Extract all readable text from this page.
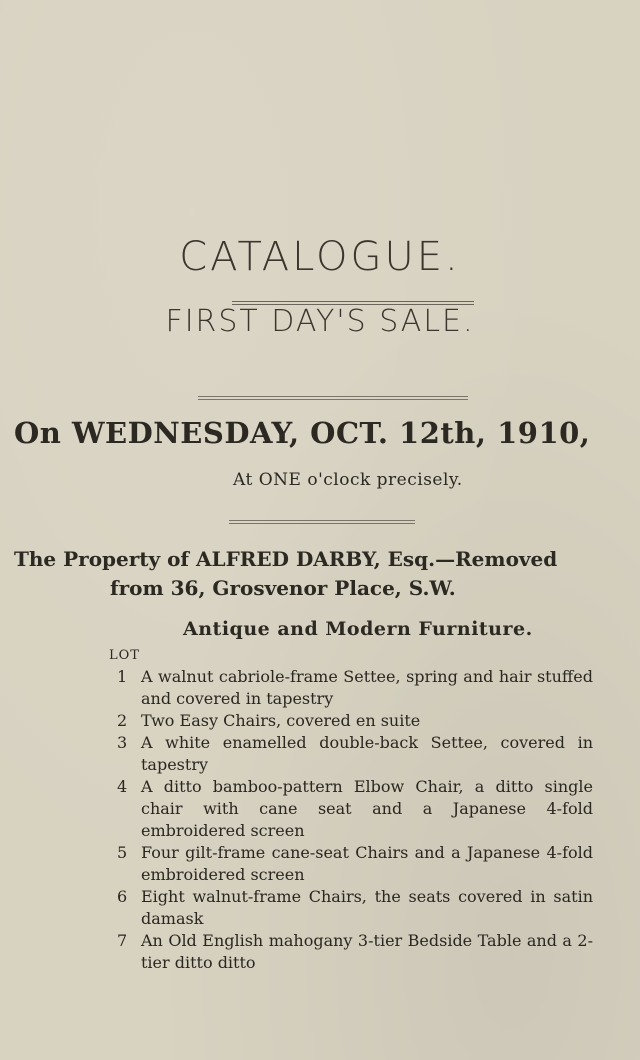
CATALOGUE.
FIRST DAY'S SALE.
On WEDNESDAY, OCT. 12th, 1910,
At ONE o'clock precisely.
The Property of ALFRED DARBY, Esq.—Removed
from 36, Grosvenor Place, S.W.
Antique and Modern Furniture.
LOT
1 A walnut cabriole-frame Settee, spring and hair stuffed and covered in tapestry
2 Two Easy Chairs, covered en suite
3 A white enamelled double-back Settee, covered in tapestry
4 A ditto bamboo-pattern Elbow Chair, a ditto single chair with cane seat and a Japanese 4-fold embroidered screen
5 Four gilt-frame cane-seat Chairs and a Japanese 4-fold embroidered screen
6 Eight walnut-frame Chairs, the seats covered in satin damask
7 An Old English mahogany 3-tier Bedside Table and a 2-tier ditto ditto
